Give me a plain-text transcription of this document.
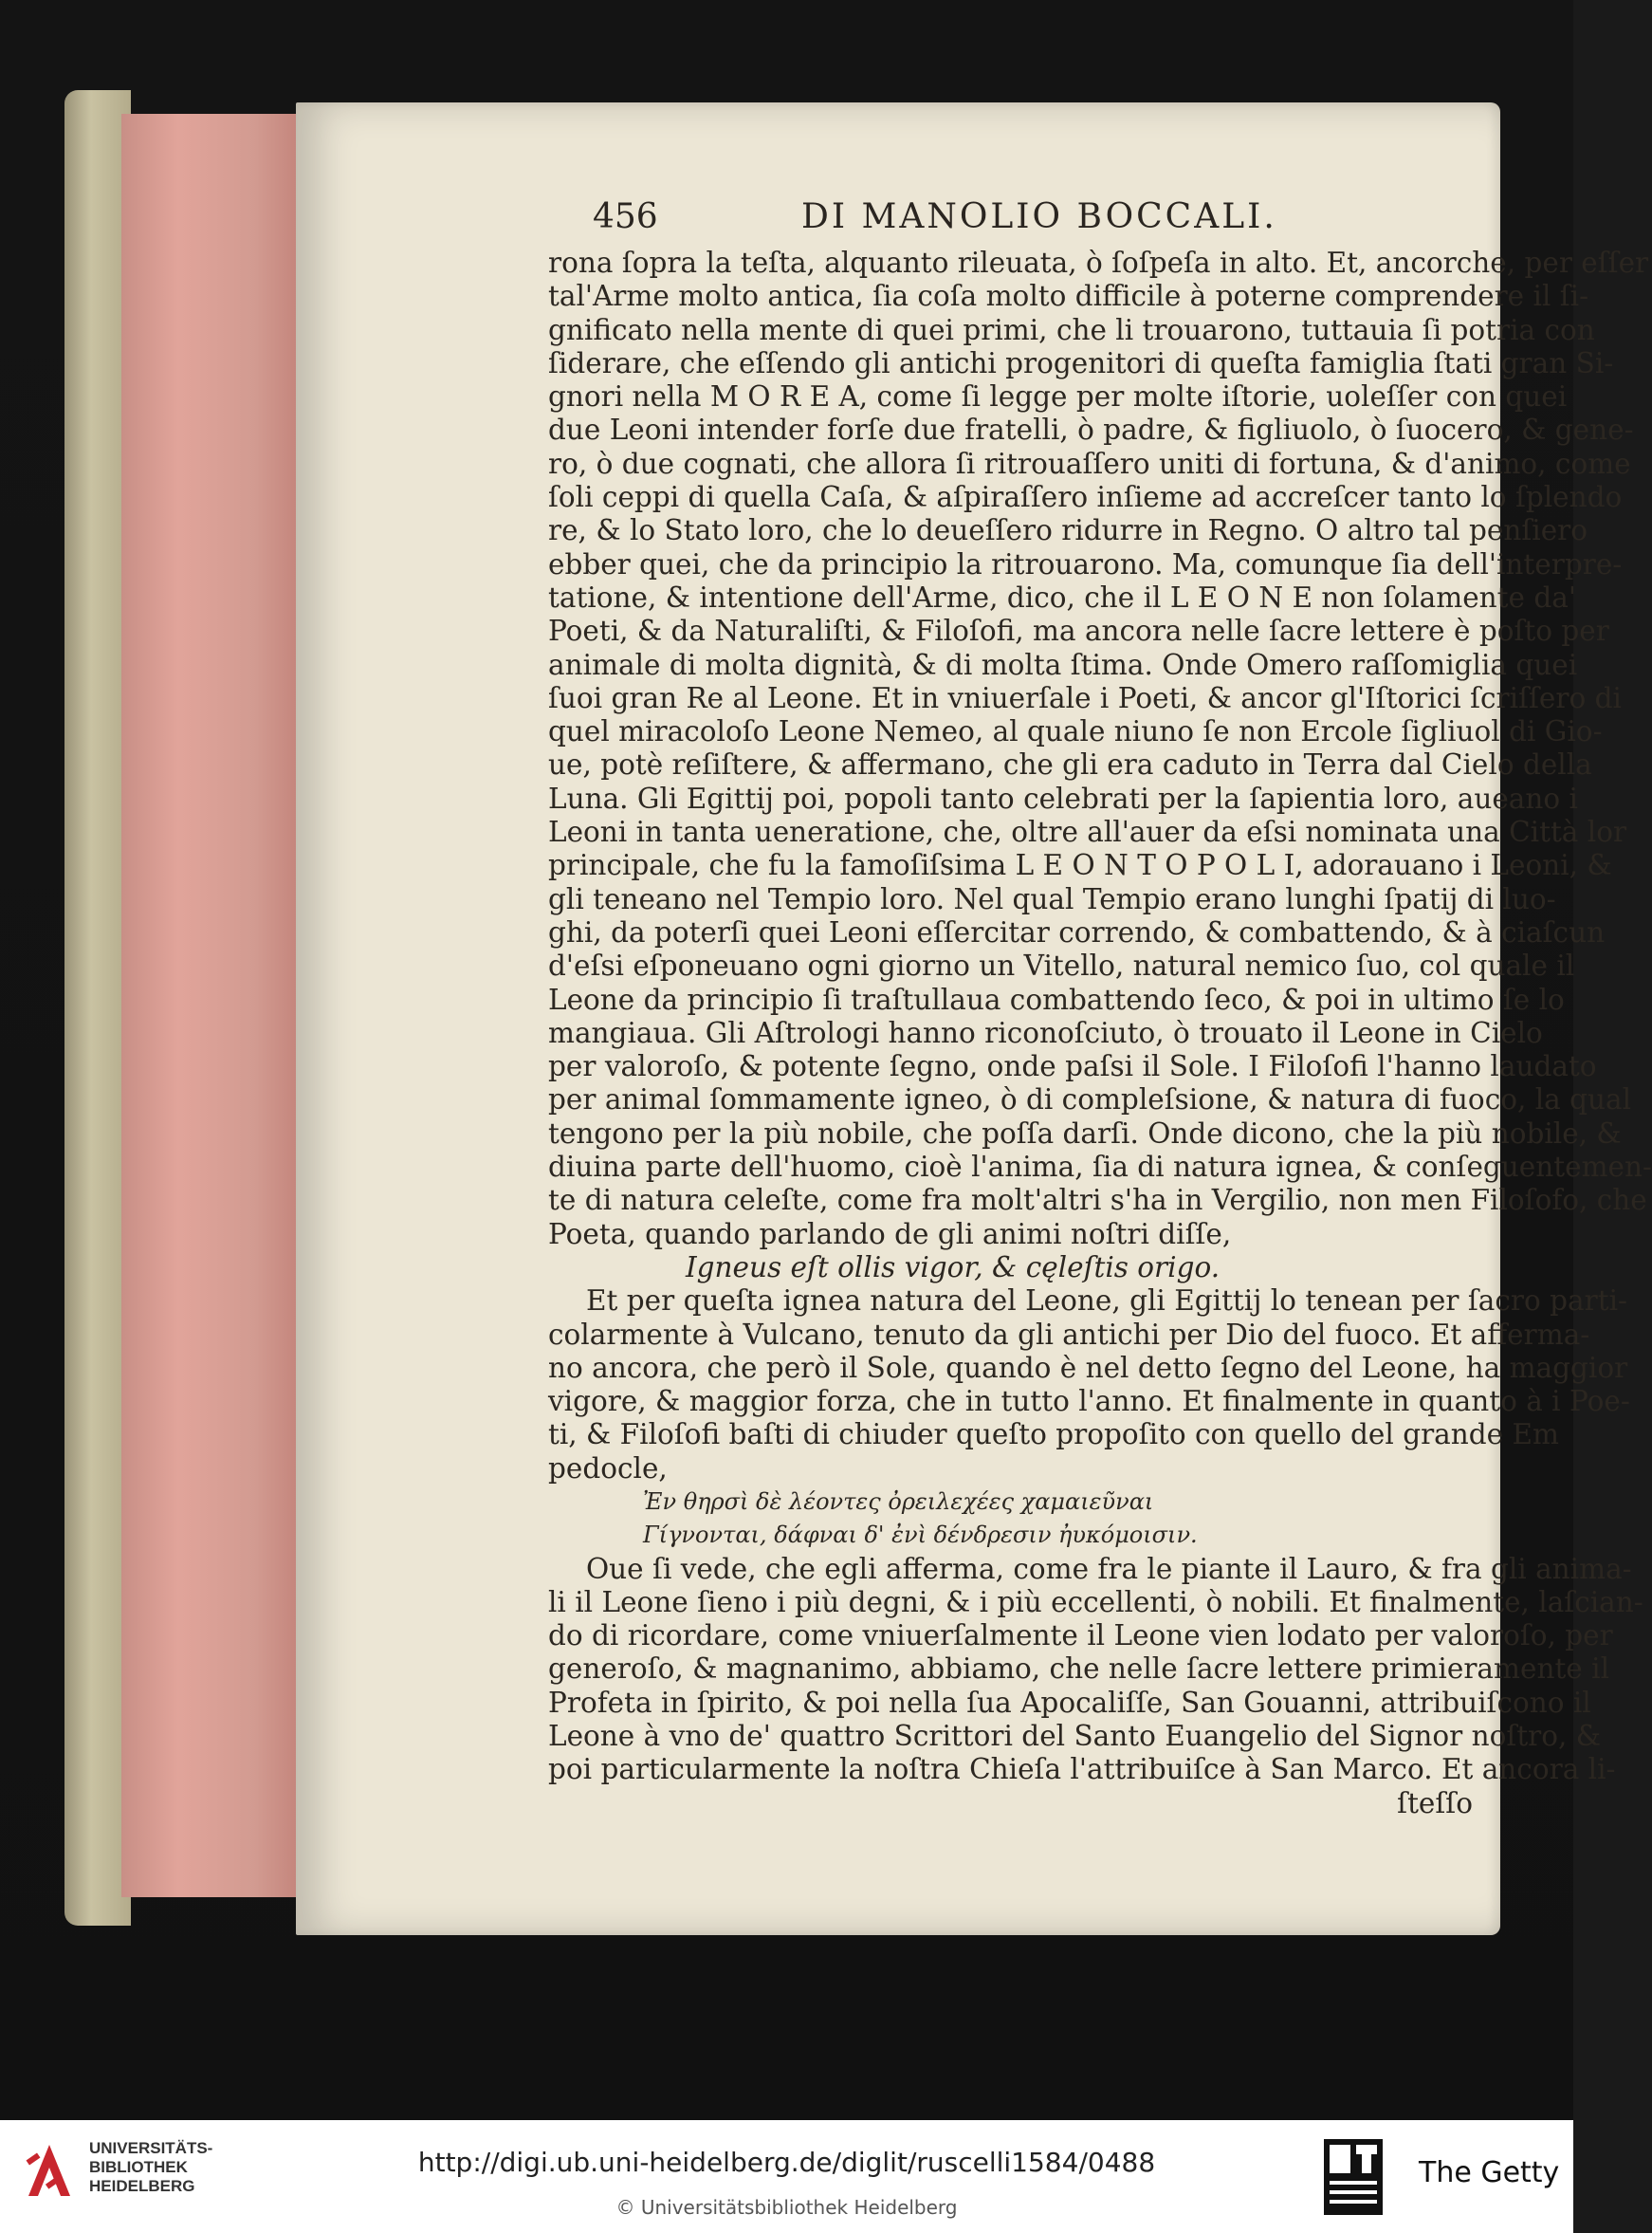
456	DI MANOLIO BOCCALI.
rona ſopra la teſta, alquanto rileuata, ò ſoſpeſa in alto. Et, ancorche, per eſſer
tal'Arme molto antica, ſia coſa molto difficile à poterne comprendere il ſi-
gnificato nella mente di quei primi, che li trouarono, tuttauia ſi potria con
ſiderare, che eſſendo gli antichi progenitori di queſta famiglia ſtati gran Si-
gnori nella M O R E A, come ſi legge per molte iſtorie, uoleſſer con quei
due Leoni intender forſe due fratelli, ò padre, & figliuolo, ò ſuocero, & gene-
ro, ò due cognati, che allora ſi ritrouaſſero uniti di fortuna, & d'animo, come
ſoli ceppi di quella Caſa, & aſpiraſſero inſieme ad accreſcer tanto lo ſplendo
re, & lo Stato loro, che lo deueſſero ridurre in Regno. O altro tal penſiero
ebber quei, che da principio la ritrouarono. Ma, comunque ſia dell'interpre-
tatione, & intentione dell'Arme, dico, che il L E O N E non ſolamente da'
Poeti, & da Naturaliſti, & Filoſofi, ma ancora nelle ſacre lettere è poſto per
animale di molta dignità, & di molta ſtima. Onde Omero raſſomiglia quei
ſuoi gran Re al Leone. Et in vniuerſale i Poeti, & ancor gl'Iſtorici ſcriſſero di
quel miracoloſo Leone Nemeo, al quale niuno ſe non Ercole ſigliuol di Gio-
ue, potè reſiſtere, & affermano, che gli era caduto in Terra dal Cielo della
Luna. Gli Egittij poi, popoli tanto celebrati per la ſapientia loro, aueano i
Leoni in tanta ueneratione, che, oltre all'auer da eſsi nominata una Città lor
principale, che fu la famoſiſsima L E O N T O P O L I, adorauano i Leoni, &
gli teneano nel Tempio loro. Nel qual Tempio erano lunghi ſpatij di luo-
ghi, da poterſi quei Leoni eſſercitar correndo, & combattendo, & à ciaſcun
d'eſsi eſponeuano ogni giorno un Vitello, natural nemico ſuo, col quale il
Leone da principio ſi traſtullaua combattendo ſeco, & poi in ultimo ſe lo
mangiaua. Gli Aſtrologi hanno riconoſciuto, ò trouato il Leone in Cielo
per valoroſo, & potente ſegno, onde paſsi il Sole. I Filoſofi l'hanno laudato
per animal ſommamente igneo, ò di compleſsione, & natura di fuoco, la qual
tengono per la più nobile, che poſſa darſi. Onde dicono, che la più nobile, &
diuina parte dell'huomo, cioè l'anima, ſia di natura ignea, & conſeguentemen-
te di natura celeſte, come fra molt'altri s'ha in Vergilio, non men Filoſofo, che
Poeta, quando parlando de gli animi noſtri diſſe,
Igneus eſt ollis vigor, & cęleſtis origo.
Et per queſta ignea natura del Leone, gli Egittij lo tenean per ſacro parti-
colarmente à Vulcano, tenuto da gli antichi per Dio del fuoco. Et afferma-
no ancora, che però il Sole, quando è nel detto ſegno del Leone, ha maggior
vigore, & maggior forza, che in tutto l'anno. Et finalmente in quanto à i Poe-
ti, & Filoſofi baſti di chiuder queſto propoſito con quello del grande Em
pedocle,
Ἐν θηρσὶ δὲ λέοντες ὀρειλεχέες χαμαιεῦναι
Γίγνονται, δάφναι δ' ἐνὶ δένδρεσιν ἠυκόμοισιν.
Oue ſi vede, che egli afferma, come fra le piante il Lauro, & fra gli anima-
li il Leone ſieno i più degni, & i più eccellenti, ò nobili. Et finalmente, laſcian-
do di ricordare, come vniuerſalmente il Leone vien lodato per valoroſo, per
generoſo, & magnanimo, abbiamo, che nelle ſacre lettere primieramente il
Profeta in ſpirito, & poi nella ſua Apocaliſſe, San Gouanni, attribuiſcono il
Leone à vno de' quattro Scrittori del Santo Euangelio del Signor noſtro, &
poi particularmente la noſtra Chieſa l'attribuiſce à San Marco. Et ancora li-
ſteſſo
UNIVERSITÄTS-
BIBLIOTHEK
HEIDELBERG
http://digi.ub.uni-heidelberg.de/diglit/ruscelli1584/0488
© Universitätsbibliothek Heidelberg
The Getty
